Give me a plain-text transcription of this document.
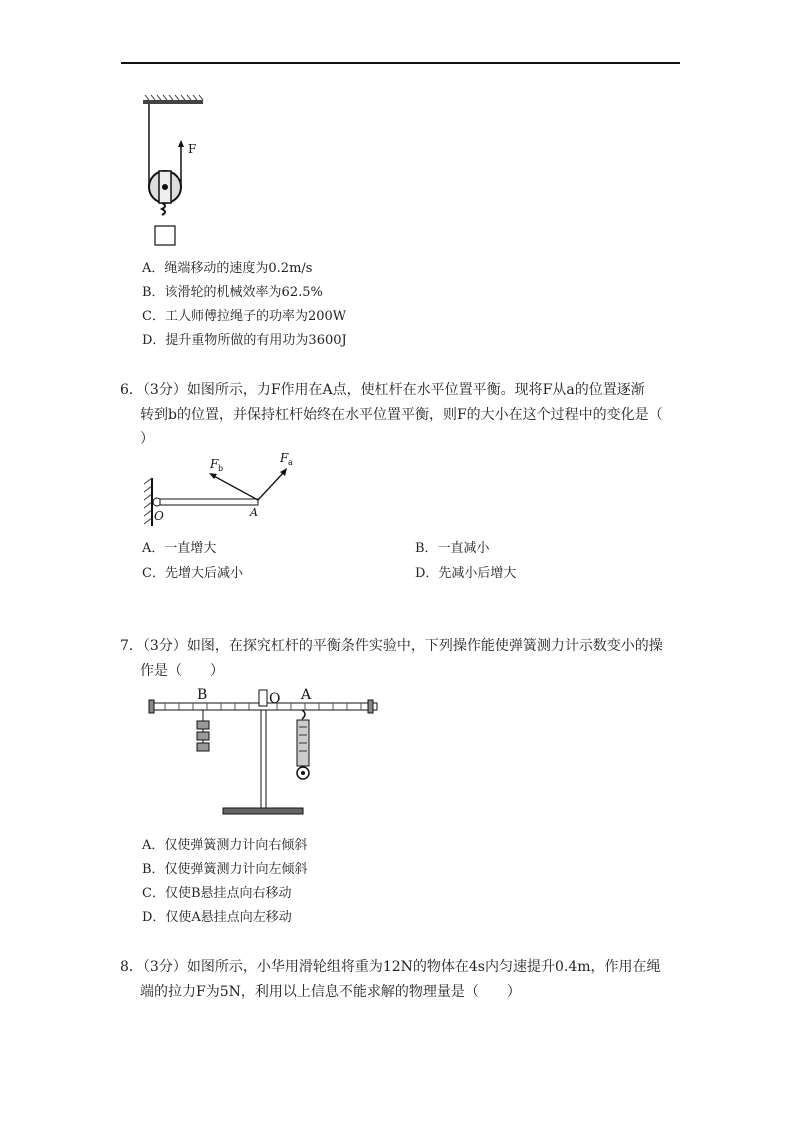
F
A．绳端移动的速度为0.2m/s
B．该滑轮的机械效率为62.5%
C．工人师傅拉绳子的功率为200W
D．提升重物所做的有用功为3600J
6．（3分）如图所示，力F作用在A点，使杠杆在水平位置平衡。现将F从a的位置逐渐
转到b的位置，并保持杠杆始终在水平位置平衡，则F的大小在这个过程中的变化是（
）
F b
F a
O	A
A．一直增大	B．一直减小
C．先增大后减小	D．先减小后增大
7．（3分）如图，在探究杠杆的平衡条件实验中，下列操作能使弹簧测力计示数变小的操
作是（　　）
B	O A
A．仅使弹簧测力计向右倾斜
B．仅使弹簧测力计向左倾斜
C．仅使B悬挂点向右移动
D．仅使A悬挂点向左移动
8．（3分）如图所示，小华用滑轮组将重为12N的物体在4s内匀速提升0.4m，作用在绳
端的拉力F为5N，利用以上信息不能求解的物理量是（　　）
